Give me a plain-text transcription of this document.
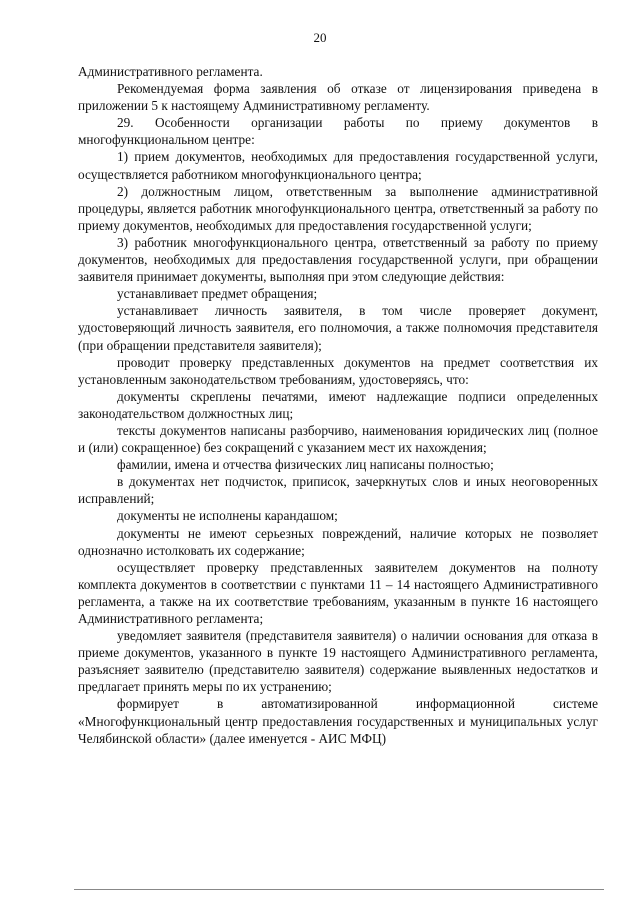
20

Административного регламента.

Рекомендуемая форма заявления об отказе от лицензирования приведена в приложении 5 к настоящему Административному регламенту.

29. Особенности организации работы по приему документов в многофункциональном центре:

1) прием документов, необходимых для предоставления государственной услуги, осуществляется работником многофункционального центра;

2) должностным лицом, ответственным за выполнение административной процедуры, является работник многофункционального центра, ответственный за работу по приему документов, необходимых для предоставления государственной услуги;

3) работник многофункционального центра, ответственный за работу по приему документов, необходимых для предоставления государственной услуги, при обращении заявителя принимает документы, выполняя при этом следующие действия:

устанавливает предмет обращения;

устанавливает личность заявителя, в том числе проверяет документ, удостоверяющий личность заявителя, его полномочия, а также полномочия представителя (при обращении представителя заявителя);

проводит проверку представленных документов на предмет соответствия их установленным законодательством требованиям, удостоверяясь, что:

документы скреплены печатями, имеют надлежащие подписи определенных законодательством должностных лиц;

тексты документов написаны разборчиво, наименования юридических лиц (полное и (или) сокращенное) без сокращений с указанием мест их нахождения;

фамилии, имена и отчества физических лиц написаны полностью;

в документах нет подчисток, приписок, зачеркнутых слов и иных неоговоренных исправлений;

документы не исполнены карандашом;

документы не имеют серьезных повреждений, наличие которых не позволяет однозначно истолковать их содержание;

осуществляет проверку представленных заявителем документов на полноту комплекта документов в соответствии с пунктами 11 – 14 настоящего Административного регламента, а также на их соответствие требованиям, указанным в пункте 16 настоящего Административного регламента;

уведомляет заявителя (представителя заявителя) о наличии основания для отказа в приеме документов, указанного в пункте 19 настоящего Административного регламента, разъясняет заявителю (представителю заявителя) содержание выявленных недостатков и предлагает принять меры по их устранению;

формирует в автоматизированной информационной системе «Многофункциональный центр предоставления государственных и муниципальных услуг Челябинской области» (далее именуется - АИС МФЦ)
